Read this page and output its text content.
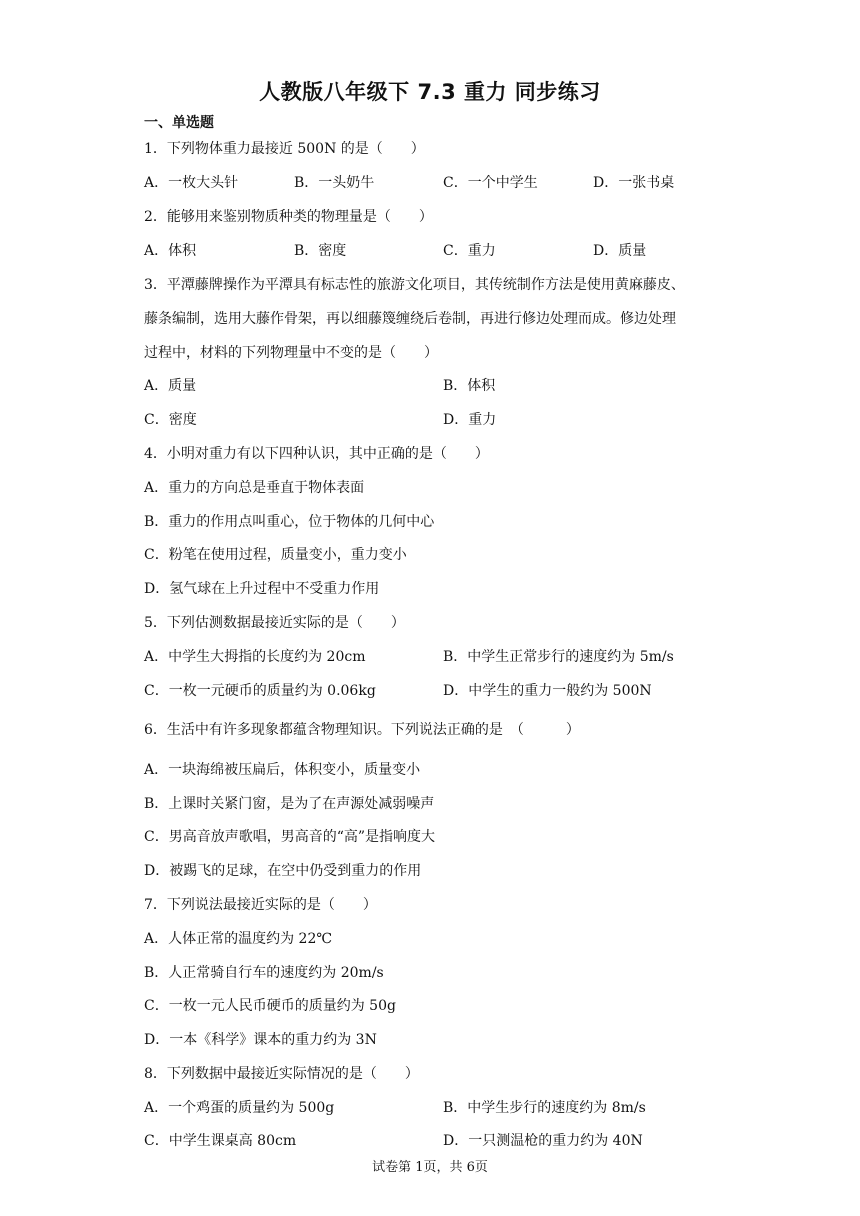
人教版八年级下 7.3 重力 同步练习
一、单选题
1．下列物体重力最接近 500N 的是（　　）
A．一枚大头针	B．一头奶牛	C．一个中学生	D．一张书桌
2．能够用来鉴别物质种类的物理量是（　　）
A．体积	B．密度	C．重力	D．质量
3．平潭藤牌操作为平潭具有标志性的旅游文化项目，其传统制作方法是使用黄麻藤皮、
藤条编制，选用大藤作骨架，再以细藤篾缠绕后卷制，再进行修边处理而成。修边处理
过程中，材料的下列物理量中不变的是（　　）
A．质量	B．体积
C．密度	D．重力
4．小明对重力有以下四种认识，其中正确的是（　　）
A．重力的方向总是垂直于物体表面
B．重力的作用点叫重心，位于物体的几何中心
C．粉笔在使用过程，质量变小，重力变小
D．氢气球在上升过程中不受重力作用
5．下列估测数据最接近实际的是（　　）
A．中学生大拇指的长度约为 20cm	B．中学生正常步行的速度约为 5m/s
C．一枚一元硬币的质量约为 0.06kg	D．中学生的重力一般约为 500N
6．生活中有许多现象都蕴含物理知识。下列说法正确的是　（　　　）
A．一块海绵被压扁后，体积变小，质量变小
B．上课时关紧门窗，是为了在声源处减弱噪声
C．男高音放声歌唱，男高音的“高”是指响度大
D．被踢飞的足球，在空中仍受到重力的作用
7．下列说法最接近实际的是（　　）
A．人体正常的温度约为 22℃
B．人正常骑自行车的速度约为 20m/s
C．一枚一元人民币硬币的质量约为 50g
D．一本《科学》课本的重力约为 3N
8．下列数据中最接近实际情况的是（　　）
A．一个鸡蛋的质量约为 500g	B．中学生步行的速度约为 8m/s
C．中学生课桌高 80cm	D．一只测温枪的重力约为 40N
试卷第 1页，共 6页
